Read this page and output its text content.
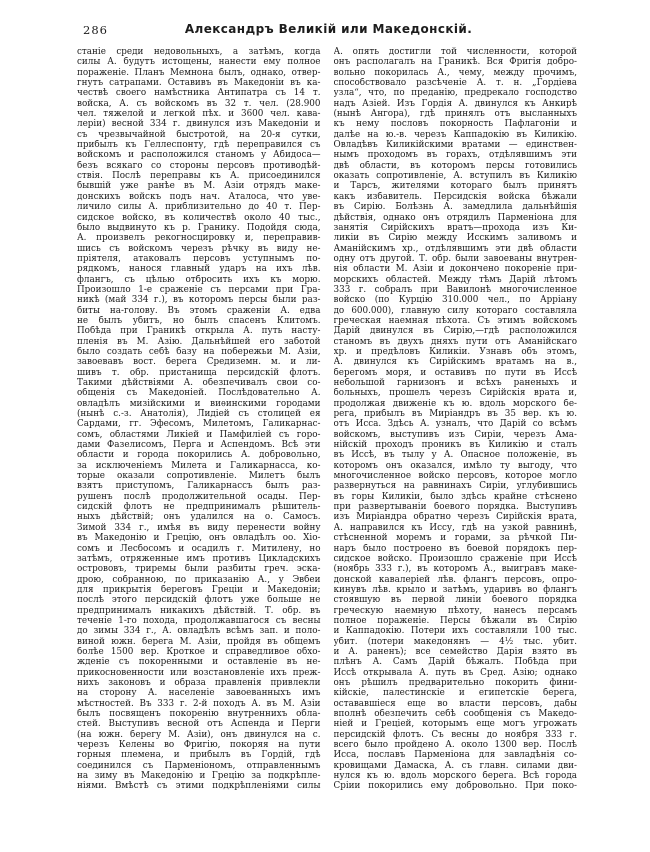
286	Александръ Великій или Македонскій.
станіе среди недовольныхъ, а затѣмъ, когда
силы А. будутъ истощены, нанести ему полное
пораженіе. Планъ Мемнона былъ, однако, отвер-
гнутъ сатрапами. Оставивъ въ Македоніи въ ка-
чествѣ своего намѣстника Антипатра съ 14 т.
войска, А. съ войскомъ въ 32 т. чел. (28.900
чел. тяжелой и легкой пѣх. и 3600 чел. кава-
леріи) весной 334 г. двинулся изъ Македоніи и
съ чрезвычайной быстротой, на 20-я сутки,
прибылъ къ Геллеспонту, гдѣ переправился съ
войскомъ и расположился станомъ у Абидоса—
безъ всякаго со стороны персовъ противодѣй-
ствія. Послѣ переправы къ А. присоединился
бывшій уже ранѣе въ М. Азіи отрядъ маке-
донскихъ войскъ подъ нач. Аталоса, что уве-
личило силы А. приблизительно до 40 т. Пер-
сидское войско, въ количествѣ около 40 тыс.,
было выдвинуто къ р. Гранику. Подойдя сюда,
А. произвелъ рекогносцировку и, переправив-
шись съ войскомъ черезъ рѣчку въ виду не-
пріятеля, атаковалъ персовъ уступнымъ по-
рядкомъ, нанося главный ударъ на ихъ лѣв.
флангъ, съ цѣлью отбросить ихъ къ морю.
Произошло 1-е сраженіе съ персами при Гра-
никѣ (май 334 г.), въ которомъ персы были раз-
биты на-голову. Въ этомъ сраженіи А. едва
не былъ убитъ, но былъ спасенъ Клитомъ.
Побѣда при Граникѣ открыла А. путь насту-
пленія въ М. Азію. Дальнѣйшей его заботой
было создать себѣ базу на побережьи М. Азіи,
завоевавъ вост. берега Средиземн. м. и ли-
шивъ т. обр. пристанища персидскій флотъ.
Такими дѣйствіями А. обезпечивалъ свои со-
общенія съ Македоніей. Послѣдовательно А.
овладѣлъ мизійскими и виѳинскими городами
(нынѣ с.-з. Анатолія), Лидіей съ столицей ея
Сардами, гг. Эфесомъ, Милетомъ, Галикарнас-
сомъ, областями Ликіей и Памфиліей съ горо-
дами Фазелисомъ, Перга и Аспендомъ. Всѣ эти
области и города покорились А. добровольно,
за исключеніемъ Милета и Галикарнасса, ко-
торые оказали сопротивленіе. Милетъ былъ
взятъ приступомъ, Галикарнассъ былъ раз-
рушенъ послѣ продолжительной осады. Пер-
сидскій флотъ не предпринималъ рѣшитель-
ныхъ дѣйствій; онъ удалился на о. Самосъ.
Зимой 334 г., имѣя въ виду перенести войну
въ Македонію и Грецію, онъ овладѣлъ оо. Хіо-
сомъ и Лесбосомъ и осадилъ г. Митилену, но
затѣмъ, отряженные имъ противъ Цикладскихъ
острововъ, триремы были разбиты греч. эска-
дрою, собранною, по приказанію А., у Эвбеи
для прикрытія береговъ Греціи и Македоніи;
послѣ этого персидскій флотъ уже больше не
предпринималъ никакихъ дѣйствій. Т. обр. въ
теченіе 1-го похода, продолжавшагося съ весны
до зимы 334 г., А. овладѣлъ всѣмъ зап. и поло-
виной южн. берега М. Азіи, пройдя въ общемъ
болѣе 1500 вер. Кроткое и справедливое обхо-
жденіе съ покоренными и оставленіе въ не-
прикосновенности или возстановленіе ихъ преж-
нихъ законовъ и образа правленія привлекли
на сторону А. населеніе завоеванныхъ имъ
мѣстностей. Въ 333 г. 2-й походъ А. въ М. Азіи
былъ посвященъ покоренію внутреннихъ обла-
стей. Выступивъ весной отъ Аспенда и Перги
(на южн. берегу М. Азіи), онъ двинулся на с.
черезъ Келены во Фригію, покоряя на пути
горныя племена, и прибылъ въ Гордій, гдѣ
соединился съ Парменіономъ, отправленнымъ
на зиму въ Македонію и Грецію за подкрѣпле-
ніями. Вмѣстѣ съ этими подкрѣпленіями силы
А. опять достигли той численности, которой
онъ располагалъ на Граникѣ. Вся Фригія добро-
вольно покорилась А., чему, между прочимъ,
способствовало разсѣченіе А. т. н. „Гордіева
узла“, что, по преданію, предрекало господство
надъ Азіей. Изъ Гордія А. двинулся къ Анкирѣ
(нынѣ Ангора), гдѣ принялъ отъ высланныхъ
къ нему пословъ покорность Пафлагоніи и
далѣе на ю.-в. черезъ Каппадокію въ Киликію.
Овладѣвъ Киликійскими вратами — единствен-
нымъ проходомъ въ горахъ, отдѣлявшимъ эти
двѣ области, въ которомъ персы готовились
оказать сопротивленіе, А. вступилъ въ Киликію
и Тарсъ, жителями котораго былъ принятъ
какъ избавитель. Персидскія войска бѣжали
въ Сирію. Болѣзнь А. замедлила дальнѣйшія
дѣйствія, однако онъ отрядилъ Парменіона для
занятія Сирійскихъ вратъ—прохода изъ Ки-
ликіи въ Сирію между Исскимъ заливомъ и
Аманійскимъ хр., отдѣлявшимъ эти двѣ области
одну отъ другой. Т. обр. были завоеваны внутрен-
нія области М. Азіи и докончено покореніе при-
морскихъ областей. Между тѣмъ Дарій лѣтомъ
333 г. собралъ при Вавилонѣ многочисленное
войско (по Курцію 310.000 чел., по Арріану
до 600.000), главную силу котораго составляла
греческая наемная пѣхота. Съ этимъ войскомъ
Дарій двинулся въ Сирію,—гдѣ расположился
станомъ въ двухъ дняхъ пути отъ Аманійскаго
хр. и предѣловъ Киликіи. Узнавъ объ этомъ,
А. двинулся къ Сирійскимъ вратамъ на в.,
берегомъ моря, и оставивъ по пути въ Иссѣ
небольшой гарнизонъ и всѣхъ раненыхъ и
больныхъ, прошелъ черезъ Сирійскія врата и,
продолжая движеніе къ ю. вдоль морского бе-
рега, прибылъ въ Миріандръ въ 35 вер. къ ю.
отъ Исса. Здѣсь А. узналъ, что Дарій со всѣмъ
войскомъ, выступивъ изъ Сиріи, черезъ Ама-
нійскій проходъ проникъ въ Киликію и сталъ
въ Иссѣ, въ тылу у А. Опасное положеніе, въ
которомъ онъ оказался, имѣло ту выгоду, что
многочисленное войско персовъ, которое могло
развернуться на равнинахъ Сиріи, углубившись
въ горы Киликіи, было здѣсь крайне стѣснено
при развертываніи боевого порядка. Выступивъ
изъ Миріандра обратно черезъ Сирійскія врата,
А. направился къ Иссу, гдѣ на узкой равнинѣ,
стѣсненной моремъ и горами, за рѣчкой Пи-
наръ было построено въ боевой порядокъ пер-
сидское войско. Произошло сраженіе при Иссѣ
(ноябрь 333 г.), въ которомъ А., выигравъ маке-
донской кавалеріей лѣв. флангъ персовъ, опро-
кинувъ лѣв. крыло и затѣмъ, ударивъ во флангъ
стоявшую въ первой линіи боевого порядка
греческую наемную пѣхоту, нанесъ персамъ
полное пораженіе. Персы бѣжали въ Сирію
и Каппадокію. Потери ихъ составляли 100 тыс.
убит. (потери македонянъ — 4½ тыс. убит.
и А. раненъ); все семейство Дарія взято въ
плѣнъ А. Самъ Дарій бѣжалъ. Побѣда при
Иссѣ открывала А. путь въ Сред. Азію; однако
онъ рѣшилъ предварительно покорить фини-
кійскіе, палестинскіе и египетскіе берега,
остававшіеся еще во власти персовъ, дабы
вполнѣ обезпечить себѣ сообщенія съ Македо-
ніей и Греціей, которымъ еще могъ угрожать
персидскій флотъ. Съ весны до ноября 333 г.
всего было пройдено А. около 1300 вер. Послѣ
Исса, пославъ Парменіона для завладѣнія со-
кровищами Дамаска, А. съ главн. силами дви-
нулся къ ю. вдоль морского берега. Всѣ города
Сріии покорились ему добровольно. При поко-
